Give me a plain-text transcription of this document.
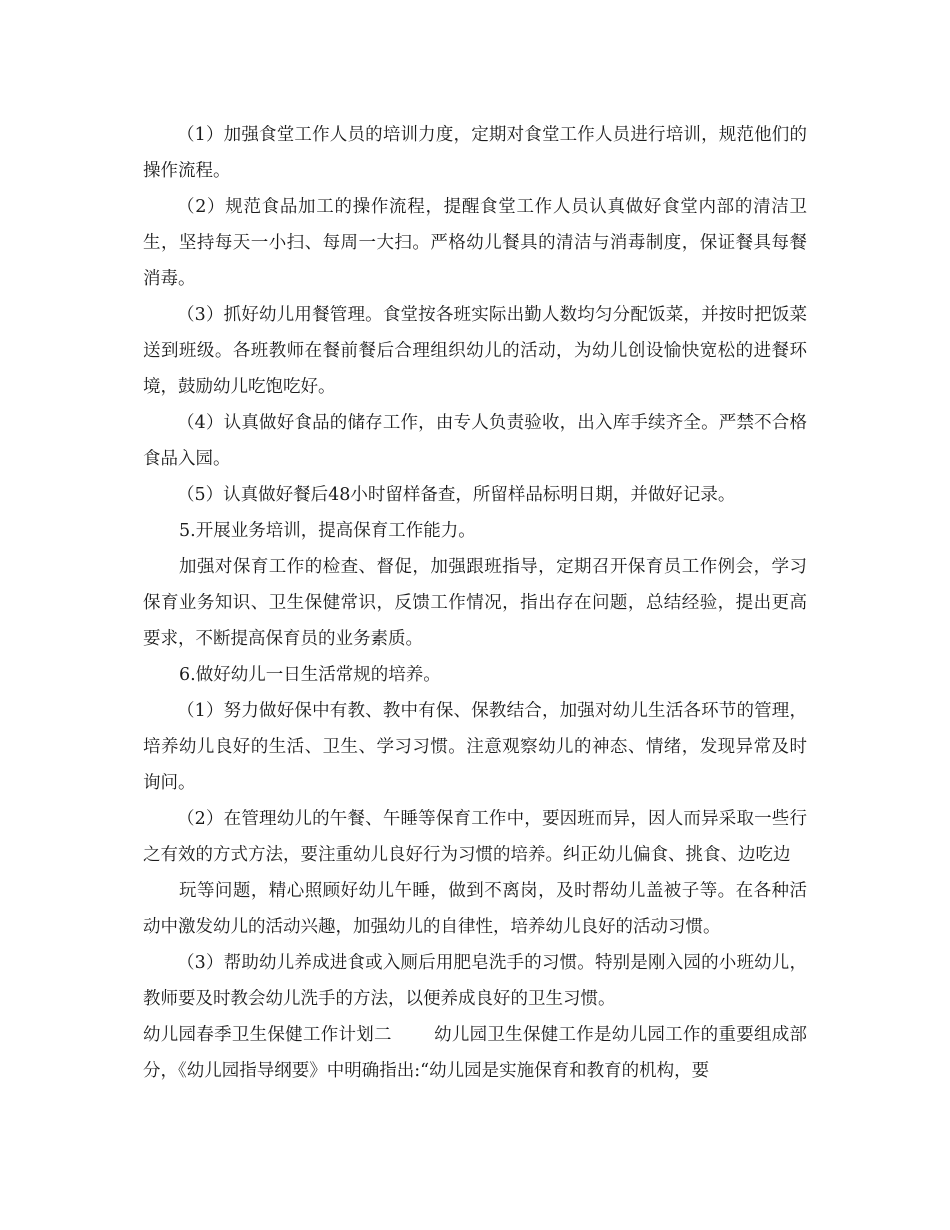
（1）加强食堂工作人员的培训力度，定期对食堂工作人员进行培训，规范他们的操作流程。

（2）规范食品加工的操作流程，提醒食堂工作人员认真做好食堂内部的清洁卫生，坚持每天一小扫、每周一大扫。严格幼儿餐具的清洁与消毒制度，保证餐具每餐消毒。

（3）抓好幼儿用餐管理。食堂按各班实际出勤人数均匀分配饭菜，并按时把饭菜送到班级。各班教师在餐前餐后合理组织幼儿的活动，为幼儿创设愉快宽松的进餐环境，鼓励幼儿吃饱吃好。

（4）认真做好食品的储存工作，由专人负责验收，出入库手续齐全。严禁不合格食品入园。

（5）认真做好餐后48小时留样备查，所留样品标明日期，并做好记录。

5.开展业务培训，提高保育工作能力。

加强对保育工作的检查、督促，加强跟班指导，定期召开保育员工作例会，学习保育业务知识、卫生保健常识，反馈工作情况，指出存在问题，总结经验，提出更高要求，不断提高保育员的业务素质。

6.做好幼儿一日生活常规的培养。

（1）努力做好保中有教、教中有保、保教结合，加强对幼儿生活各环节的管理，培养幼儿良好的生活、卫生、学习习惯。注意观察幼儿的神态、情绪，发现异常及时询问。

（2）在管理幼儿的午餐、午睡等保育工作中，要因班而异，因人而异采取一些行之有效的方式方法，要注重幼儿良好行为习惯的培养。纠正幼儿偏食、挑食、边吃边

玩等问题，精心照顾好幼儿午睡，做到不离岗，及时帮幼儿盖被子等。在各种活动中激发幼儿的活动兴趣，加强幼儿的自律性，培养幼儿良好的活动习惯。

（3）帮助幼儿养成进食或入厕后用肥皂洗手的习惯。特别是刚入园的小班幼儿，教师要及时教会幼儿洗手的方法，以便养成良好的卫生习惯。

幼儿园春季卫生保健工作计划二 幼儿园卫生保健工作是幼儿园工作的重要组成部分，《幼儿园指导纲要》中明确指出:“幼儿园是实施保育和教育的机构，要
